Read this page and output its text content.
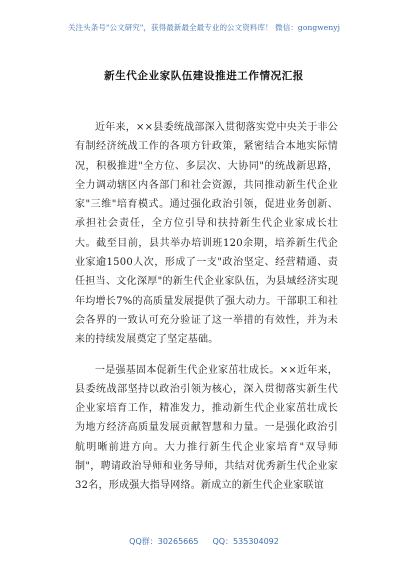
关注头条号"公文研究"，获得最新最全最专业的公文资料库！ 微信：gongwenyj
新生代企业家队伍建设推进工作情况汇报

近年来，××县委统战部深入贯彻落实党中央关于非公有制经济统战工作的各项方针政策，紧密结合本地实际情况，积极推进"全方位、多层次、大协同"的统战新思路，全力调动辖区内各部门和社会资源，共同推动新生代企业家"三维"培育模式。通过强化政治引领，促进业务创新、承担社会责任，全方位引导和扶持新生代企业家成长壮大。截至目前，县共举办培训班120余期，培养新生代企业家逾1500人次，形成了一支"政治坚定、经营精通、责任担当、文化深厚"的新生代企业家队伍，为县域经济实现年均增长7%的高质量发展提供了强大动力。干部职工和社会各界的一致认可充分验证了这一举措的有效性，并为未来的持续发展奠定了坚定基础。

一是强基固本促新生代企业家茁壮成长。××近年来，县委统战部坚持以政治引领为核心，深入贯彻落实新生代企业家培育工作，精准发力，推动新生代企业家茁壮成长为地方经济高质量发展贡献智慧和力量。一是强化政治引航明晰前进方向。大力推行新生代企业家培育"双导师制"，聘请政治导师和业务导师，共结对优秀新生代企业家32名，形成强大指导网络。新成立的新生代企业家联谊

QQ群：30265665 QQ：535304092
